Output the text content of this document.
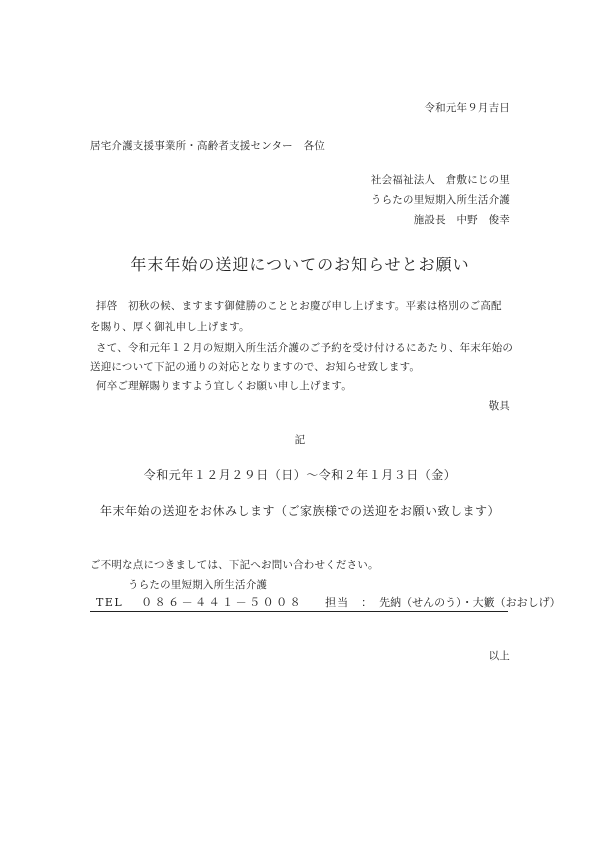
令和元年９月吉日
居宅介護支援事業所・高齢者支援センター　各位
社会福祉法人　倉敷にじの里
うらたの里短期入所生活介護
施設長　中野　俊幸
年末年始の送迎についてのお知らせとお願い
拝啓　初秋の候、ますます御健勝のこととお慶び申し上げます。平素は格別のご高配
を賜り、厚く御礼申し上げます。
さて、令和元年１２月の短期入所生活介護のご予約を受け付けるにあたり、年末年始の
送迎について下記の通りの対応となりますので、お知らせ致します。
何卒ご理解賜りますよう宜しくお願い申し上げます。
敬具
記
令和元年１２月２９日（日）～令和２年１月３日（金）
年末年始の送迎をお休みします（ご家族様での送迎をお願い致します）
ご不明な点につきましては、下記へお問い合わせください。
うらたの里短期入所生活介護
TEL ０８６－４４１－５００８ 担当　： 先納（せんのう）・大籔（おおしげ）
以上
